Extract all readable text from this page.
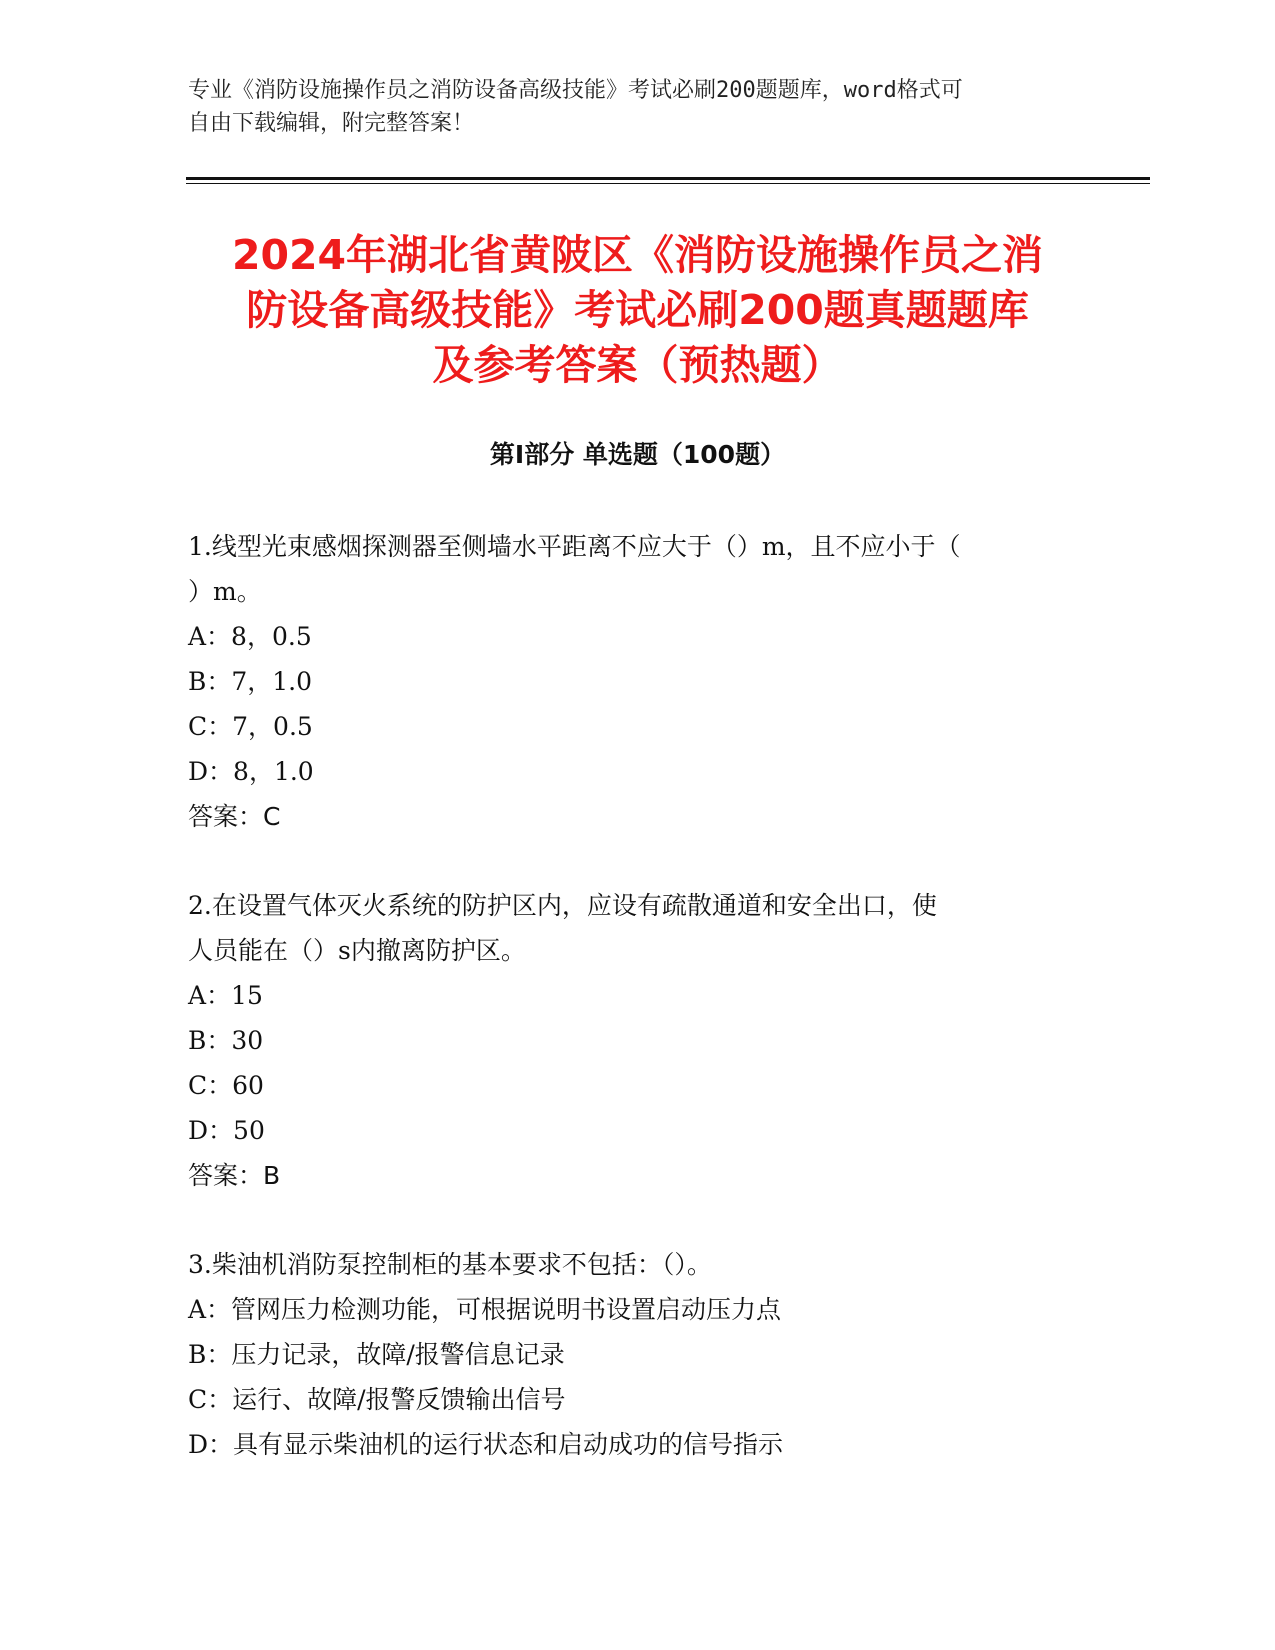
专业《消防设施操作员之消防设备高级技能》考试必刷200题题库，word格式可
自由下载编辑，附完整答案！
2024年湖北省黄陂区《消防设施操作员之消
防设备高级技能》考试必刷200题真题题库
及参考答案（预热题）
第Ⅰ部分 单选题（100题）

1.线型光束感烟探测器至侧墙水平距离不应大于（）m，且不应小于（

）m。

A：8，0.5

B：7，1.0

C：7，0.5

D：8，1.0

答案：C

2.在设置气体灭火系统的防护区内，应设有疏散通道和安全出口，使

人员能在（）s内撤离防护区。

A：15

B：30

C：60

D：50

答案：B

3.柴油机消防泵控制柜的基本要求不包括：（）。

A：管网压力检测功能，可根据说明书设置启动压力点

B：压力记录，故障/报警信息记录

C：运行、故障/报警反馈输出信号

D：具有显示柴油机的运行状态和启动成功的信号指示
